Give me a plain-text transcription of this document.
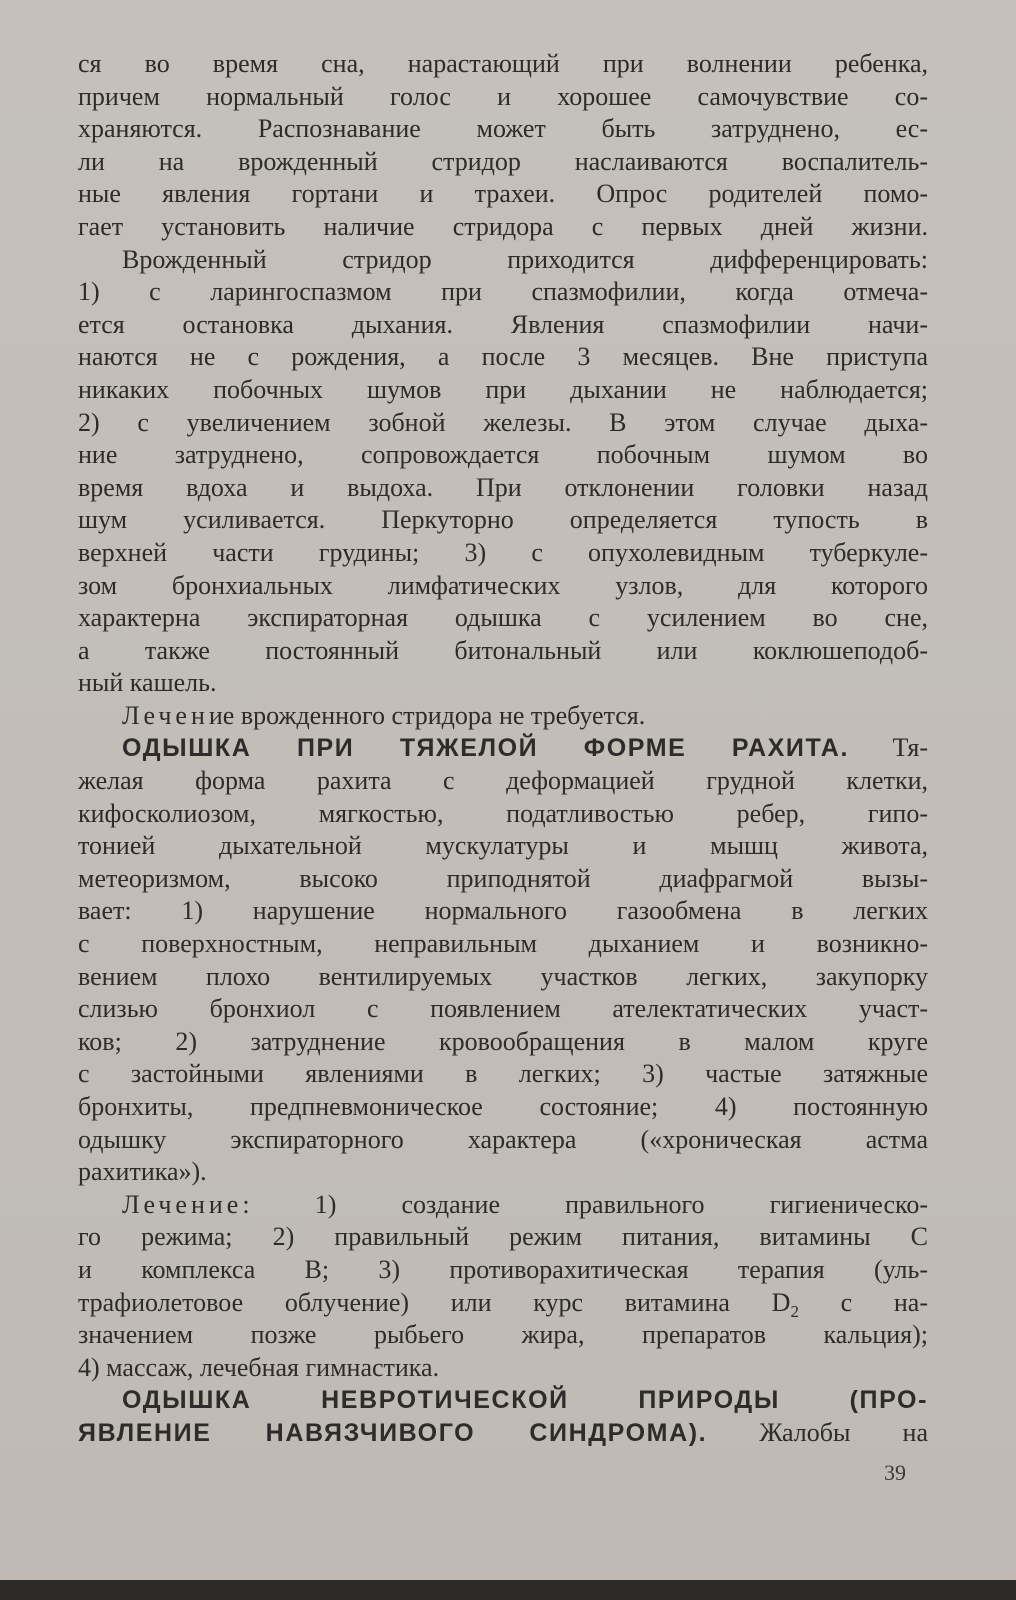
ся во время сна, нарастающий при волнении ребенка,
причем нормальный голос и хорошее самочувствие со-
храняются. Распознавание может быть затруднено, ес-
ли на врожденный стридор наслаиваются воспалитель-
ные явления гортани и трахеи. Опрос родителей помо-
гает установить наличие стридора с первых дней жизни.
Врожденный стридор приходится дифференцировать:
1) с ларингоспазмом при спазмофилии, когда отмеча-
ется остановка дыхания. Явления спазмофилии начи-
наются не с рождения, а после 3 месяцев. Вне приступа
никаких побочных шумов при дыхании не наблюдается;
2) с увеличением зобной железы. В этом случае дыха-
ние затруднено, сопровождается побочным шумом во
время вдоха и выдоха. При отклонении головки назад
шум усиливается. Перкуторно определяется тупость в
верхней части грудины; 3) с опухолевидным туберкуле-
зом бронхиальных лимфатических узлов, для которого
характерна экспираторная одышка с усилением во сне,
а также постоянный битональный или коклюшеподоб-
ный кашель.
Лечение врожденного стридора не требуется.
ОДЫШКА ПРИ ТЯЖЕЛОЙ ФОРМЕ РАХИТА. Тя-
желая форма рахита с деформацией грудной клетки,
кифосколиозом, мягкостью, податливостью ребер, гипо-
тонией дыхательной мускулатуры и мышц живота,
метеоризмом, высоко приподнятой диафрагмой вызы-
вает: 1) нарушение нормального газообмена в легких
с поверхностным, неправильным дыханием и возникно-
вением плохо вентилируемых участков легких, закупорку
слизью бронхиол с появлением ателектатических участ-
ков; 2) затруднение кровообращения в малом круге
с застойными явлениями в легких; 3) частые затяжные
бронхиты, предпневмоническое состояние; 4) постоянную
одышку экспираторного характера («хроническая астма
рахитика»).
Лечение: 1) создание правильного гигиеническо-
го режима; 2) правильный режим питания, витамины С
и комплекса В; 3) противорахитическая терапия (уль-
трафиолетовое облучение) или курс витамина $D_2$ с на-
значением позже рыбьего жира, препаратов кальция);
4) массаж, лечебная гимнастика.
ОДЫШКА НЕВРОТИЧЕСКОЙ ПРИРОДЫ (ПРО-
ЯВЛЕНИЕ НАВЯЗЧИВОГО СИНДРОМА). Жалобы на
39
